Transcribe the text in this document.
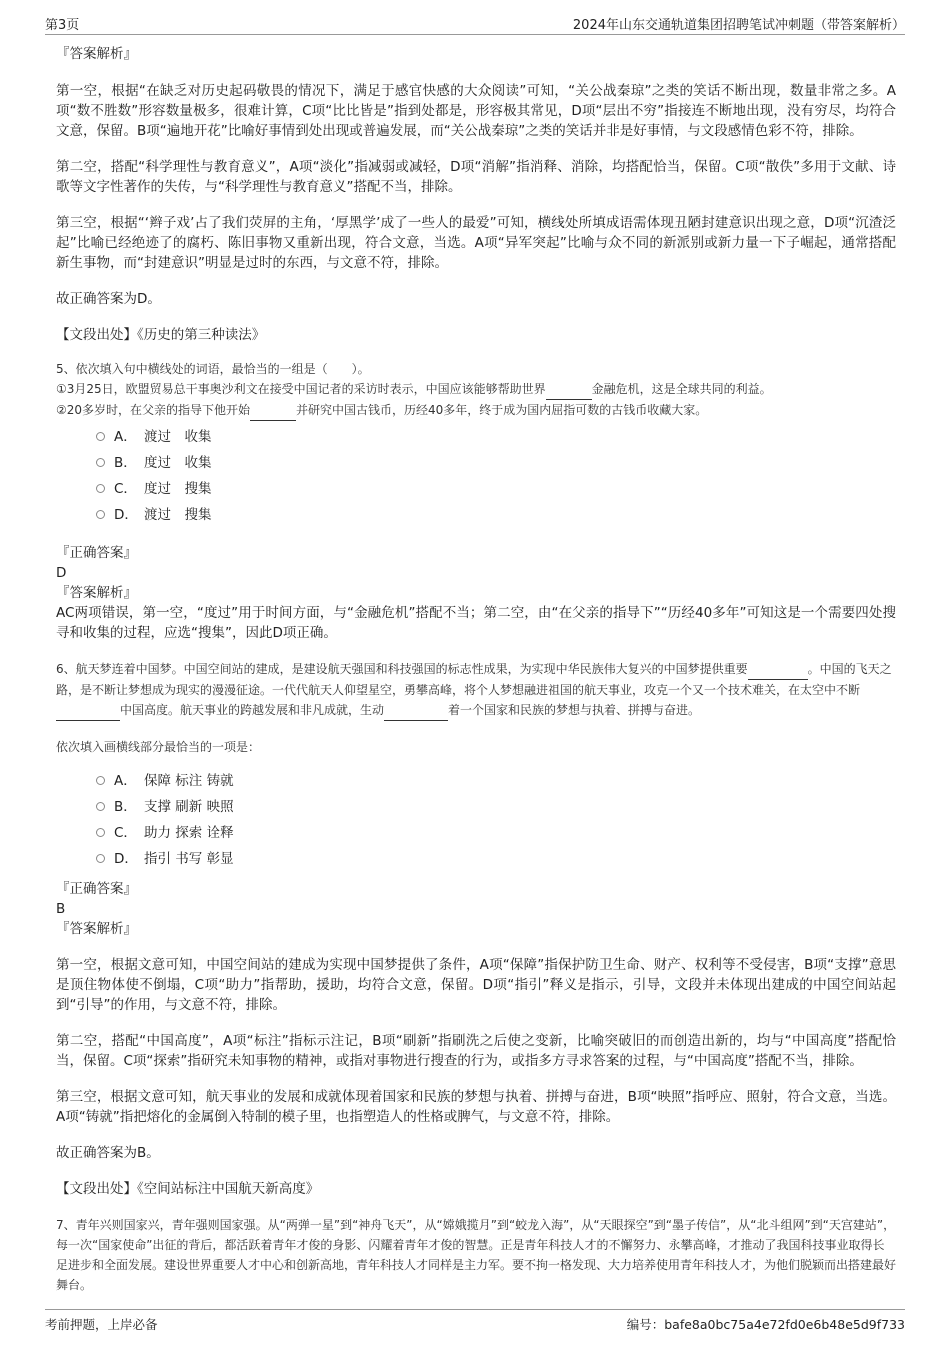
第3页	2024年山东交通轨道集团招聘笔试冲刺题（带答案解析）

『答案解析』

第一空，根据“在缺乏对历史起码敬畏的情况下，满足于感官快感的大众阅读”可知，“关公战秦琼”之类的笑话不断出现，数量非常之多。A项“数不胜数”形容数量极多，很难计算，C项“比比皆是”指到处都是，形容极其常见，D项“层出不穷”指接连不断地出现，没有穷尽，均符合文意，保留。B项“遍地开花”比喻好事情到处出现或普遍发展，而“关公战秦琼”之类的笑话并非是好事情，与文段感情色彩不符，排除。

第二空，搭配“科学理性与教育意义”，A项“淡化”指减弱或减轻，D项“消解”指消释、消除，均搭配恰当，保留。C项“散佚”多用于文献、诗歌等文字性著作的失传，与“科学理性与教育意义”搭配不当，排除。

第三空，根据“‘辫子戏’占了我们荧屏的主角，‘厚黑学’成了一些人的最爱”可知，横线处所填成语需体现丑陋封建意识出现之意，D项“沉渣泛起”比喻已经绝迹了的腐朽、陈旧事物又重新出现，符合文意，当选。A项“异军突起”比喻与众不同的新派别或新力量一下子崛起，通常搭配新生事物，而“封建意识”明显是过时的东西，与文意不符，排除。

故正确答案为D。

【文段出处】《历史的第三种读法》

5、依次填入句中横线处的词语，最恰当的一组是（　　）。

①3月25日，欧盟贸易总干事奥沙利文在接受中国记者的采访时表示，中国应该能够帮助世界	金融危机，这是全球共同的利益。

②20多岁时，在父亲的指导下他开始	并研究中国古钱币，历经40多年，终于成为国内屈指可数的古钱币收藏大家。

A． 渡过　收集
B． 度过　收集
C． 度过　搜集
D． 渡过　搜集

『正确答案』

D

『答案解析』

AC两项错误，第一空，“度过”用于时间方面，与“金融危机”搭配不当；第二空，由“在父亲的指导下”“历经40多年”可知这是一个需要四处搜寻和收集的过程，应选“搜集”，因此D项正确。

6、航天梦连着中国梦。中国空间站的建成，是建设航天强国和科技强国的标志性成果，为实现中华民族伟大复兴的中国梦提供重要	。中国的飞天之路，是不断让梦想成为现实的漫漫征途。一代代航天人仰望星空，勇攀高峰，将个人梦想融进祖国的航天事业，攻克一个又一个技术难关，在太空中不断 中国高度。航天事业的跨越发展和非凡成就，生动	着一个国家和民族的梦想与执着、拼搏与奋进。

依次填入画横线部分最恰当的一项是：

A． 保障 标注 铸就
B． 支撑 刷新 映照
C． 助力 探索 诠释
D． 指引 书写 彰显

『正确答案』

B

『答案解析』

第一空，根据文意可知，中国空间站的建成为实现中国梦提供了条件，A项“保障”指保护防卫生命、财产、权利等不受侵害，B项“支撑”意思是顶住物体使不倒塌，C项“助力”指帮助，援助，均符合文意，保留。D项“指引”释义是指示，引导，文段并未体现出建成的中国空间站起到“引导”的作用，与文意不符，排除。

第二空，搭配“中国高度”，A项“标注”指标示注记，B项“刷新”指刷洗之后使之变新，比喻突破旧的而创造出新的，均与“中国高度”搭配恰当，保留。C项“探索”指研究未知事物的精神，或指对事物进行搜查的行为，或指多方寻求答案的过程，与“中国高度”搭配不当，排除。

第三空，根据文意可知，航天事业的发展和成就体现着国家和民族的梦想与执着、拼搏与奋进，B项“映照”指呼应、照射，符合文意，当选。A项“铸就”指把熔化的金属倒入特制的模子里，也指塑造人的性格或脾气，与文意不符，排除。

故正确答案为B。

【文段出处】《空间站标注中国航天新高度》

7、青年兴则国家兴，青年强则国家强。从“两弹一星”到“神舟飞天”，从“嫦娥揽月”到“蛟龙入海”，从“天眼探空”到“墨子传信”，从“北斗组网”到“天宫建站”，每一次“国家使命”出征的背后，都活跃着青年才俊的身影、闪耀着青年才俊的智慧。正是青年科技人才的不懈努力、永攀高峰，才推动了我国科技事业取得长足进步和全面发展。建设世界重要人才中心和创新高地，青年科技人才同样是主力军。要不拘一格发现、大力培养使用青年科技人才，为他们脱颖而出搭建最好舞台。

考前押题，上岸必备	编号：bafe8a0bc75a4e72fd0e6b48e5d9f733
